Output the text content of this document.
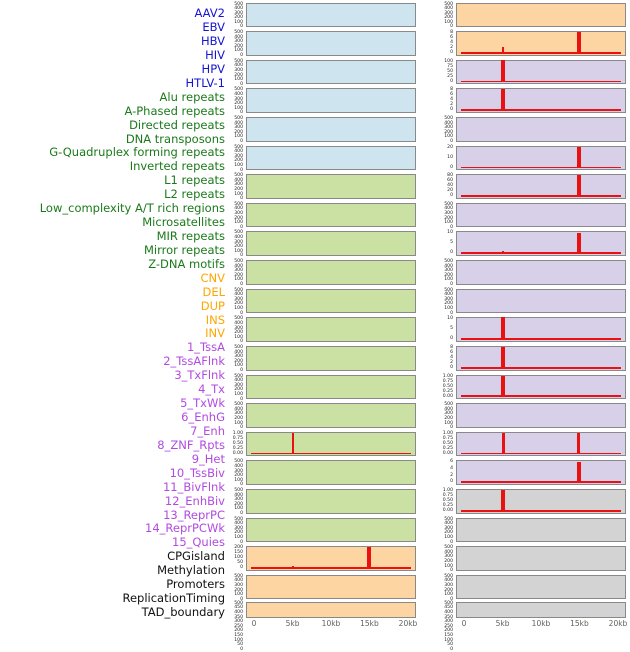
AAV2
EBV
HBV
HIV
HPV
HTLV-1
Alu repeats
A-Phased repeats
Directed repeats
DNA transposons
G-Quadruplex forming repeats
Inverted repeats
L1 repeats
L2 repeats
Low_complexity A/T rich regions
Microsatellites
MIR repeats
Mirror repeats
Z-DNA motifs
CNV
DEL
DUP
INS
INV
1_TssA
2_TssAFlnk
3_TxFlnk
4_Tx
5_TxWk
6_EnhG
7_Enh
8_ZNF_Rpts
9_Het
10_TssBiv
11_BivFlnk
12_EnhBiv
13_ReprPC
14_ReprPCWk
15_Quies
CPGisland
Methylation
Promoters
ReplicationTiming
TAD_boundary
500
400
300
200
100
0
500
400
300
200
100
0
500
400
300
200
100
0
500
400
300
200
100
0
500
400
300
200
100
0
500
400
300
200
100
0
500
400
300
200
100
0
500
400
300
200
100
0
500
400
300
200
100
0
500
400
300
200
100
0
500
400
300
200
100
0
500
400
300
200
100
0
500
400
300
200
100
0
500
400
300
200
100
0
500
400
300
200
100
0
1.00
0.75
0.50
0.25
0.00
500
400
300
200
100
0
500
400
300
200
100
0
500
400
300
200
100
0
200
150
100
50
0
500
400
300
200
100
0
500
450
400
350
300
250
200
150
100
50
0
0	5kb	10kb	15kb	20kb
500
400
300
200
100
0
8
6
4
2
0
100
75
50
25
0
8
6
4
2
0
500
400
300
200
100
0
20
10
0
80
60
40
20
0
500
400
300
200
100
0
10
5
0
500
400
300
200
100
0
500
400
300
200
100
0
10
5
0
8
6
4
2
0
1.00
0.75
0.50
0.25
0.00
500
400
300
200
100
0
1.00
0.75
0.50
0.25
0.00
6
4
2
0
1.00
0.75
0.50
0.25
0.00
500
400
300
200
100
0
500
400
300
200
100
0
500
400
300
200
100
0
500
450
400
350
300
250
200
150
100
50
0
0	5kb	10kb	15kb	20kb
